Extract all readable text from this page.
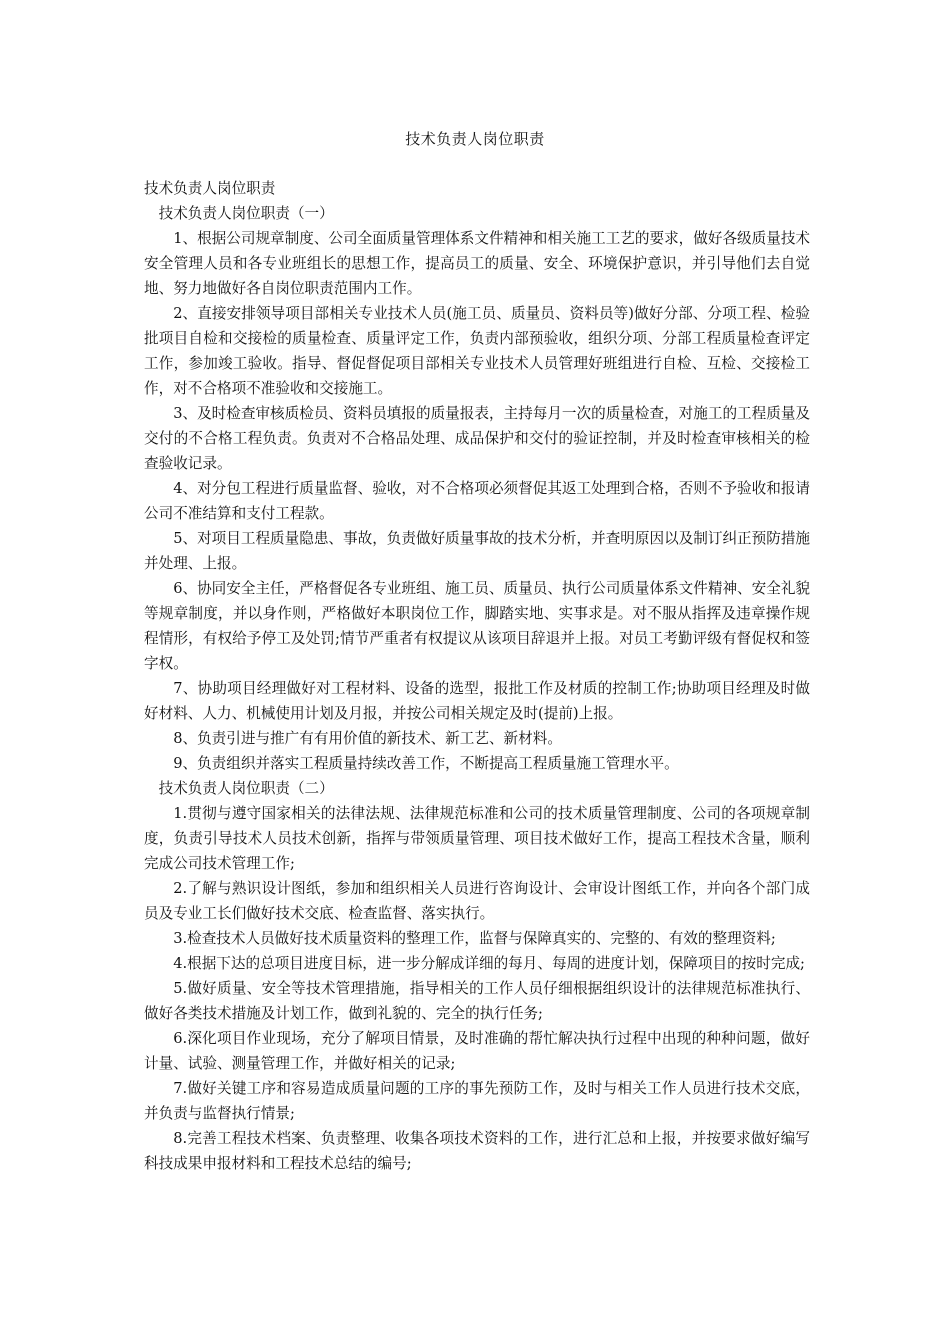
技术负责人岗位职责

技术负责人岗位职责

技术负责人岗位职责（一）

1、根据公司规章制度、公司全面质量管理体系文件精神和相关施工工艺的要求，做好各级质量技术安全管理人员和各专业班组长的思想工作，提高员工的质量、安全、环境保护意识，并引导他们去自觉地、努力地做好各自岗位职责范围内工作。

2、直接安排领导项目部相关专业技术人员(施工员、质量员、资料员等)做好分部、分项工程、检验批项目自检和交接检的质量检查、质量评定工作，负责内部预验收，组织分项、分部工程质量检查评定工作，参加竣工验收。指导、督促督促项目部相关专业技术人员管理好班组进行自检、互检、交接检工作，对不合格项不准验收和交接施工。

3、及时检查审核质检员、资料员填报的质量报表，主持每月一次的质量检查，对施工的工程质量及交付的不合格工程负责。负责对不合格品处理、成品保护和交付的验证控制，并及时检查审核相关的检查验收记录。

4、对分包工程进行质量监督、验收，对不合格项必须督促其返工处理到合格，否则不予验收和报请公司不准结算和支付工程款。

5、对项目工程质量隐患、事故，负责做好质量事故的技术分析，并查明原因以及制订纠正预防措施并处理、上报。

6、协同安全主任，严格督促各专业班组、施工员、质量员、执行公司质量体系文件精神、安全礼貌等规章制度，并以身作则，严格做好本职岗位工作，脚踏实地、实事求是。对不服从指挥及违章操作规程情形，有权给予停工及处罚;情节严重者有权提议从该项目辞退并上报。对员工考勤评级有督促权和签字权。

7、协助项目经理做好对工程材料、设备的选型，报批工作及材质的控制工作;协助项目经理及时做好材料、人力、机械使用计划及月报，并按公司相关规定及时(提前)上报。

8、负责引进与推广有有用价值的新技术、新工艺、新材料。

9、负责组织并落实工程质量持续改善工作，不断提高工程质量施工管理水平。

技术负责人岗位职责（二）

1.贯彻与遵守国家相关的法律法规、法律规范标准和公司的技术质量管理制度、公司的各项规章制度，负责引导技术人员技术创新，指挥与带领质量管理、项目技术做好工作，提高工程技术含量，顺利完成公司技术管理工作;

2.了解与熟识设计图纸，参加和组织相关人员进行咨询设计、会审设计图纸工作，并向各个部门成员及专业工长们做好技术交底、检查监督、落实执行。

3.检查技术人员做好技术质量资料的整理工作，监督与保障真实的、完整的、有效的整理资料;

4.根据下达的总项目进度目标，进一步分解成详细的每月、每周的进度计划，保障项目的按时完成;

5.做好质量、安全等技术管理措施，指导相关的工作人员仔细根据组织设计的法律规范标准执行、做好各类技术措施及计划工作，做到礼貌的、完全的执行任务;

6.深化项目作业现场，充分了解项目情景，及时准确的帮忙解决执行过程中出现的种种问题，做好计量、试验、测量管理工作，并做好相关的记录;

7.做好关键工序和容易造成质量问题的工序的事先预防工作，及时与相关工作人员进行技术交底，并负责与监督执行情景;

8.完善工程技术档案、负责整理、收集各项技术资料的工作，进行汇总和上报，并按要求做好编写科技成果申报材料和工程技术总结的编号;
